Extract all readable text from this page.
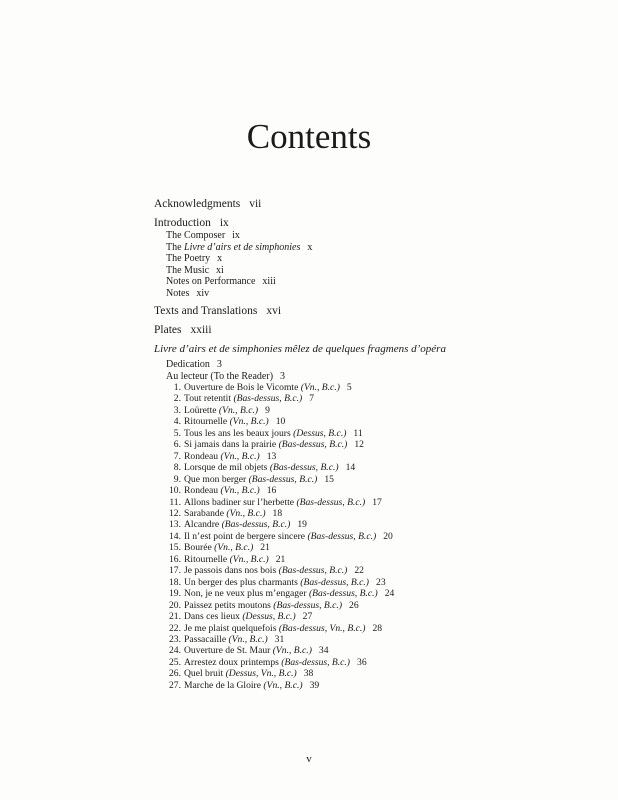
Contents
Acknowledgments vii
Introduction ix
The Composer ix
The Livre d’airs et de simphonies x
The Poetry x
The Music xi
Notes on Performance xiii
Notes xiv
Texts and Translations xvi
Plates xxiii
Livre d’airs et de simphonies mêlez de quelques fragmens d’opéra
Dedication 3
Au lecteur (To the Reader) 3
1. Ouverture de Bois le Vicomte (Vn., B.c.) 5
2. Tout retentit (Bas-dessus, B.c.) 7
3. Loürette (Vn., B.c.) 9
4. Ritournelle (Vn., B.c.) 10
5. Tous les ans les beaux jours (Dessus, B.c.) 11
6. Si jamais dans la prairie (Bas-dessus, B.c.) 12
7. Rondeau (Vn., B.c.) 13
8. Lorsque de mil objets (Bas-dessus, B.c.) 14
9. Que mon berger (Bas-dessus, B.c.) 15
10. Rondeau (Vn., B.c.) 16
11. Allons badiner sur l’herbette (Bas-dessus, B.c.) 17
12. Sarabande (Vn., B.c.) 18
13. Alcandre (Bas-dessus, B.c.) 19
14. Il n’est point de bergere sincere (Bas-dessus, B.c.) 20
15. Bourée (Vn., B.c.) 21
16. Ritournelle (Vn., B.c.) 21
17. Je passois dans nos bois (Bas-dessus, B.c.) 22
18. Un berger des plus charmants (Bas-dessus, B.c.) 23
19. Non, je ne veux plus m’engager (Bas-dessus, B.c.) 24
20. Paissez petits moutons (Bas-dessus, B.c.) 26
21. Dans ces lieux (Dessus, B.c.) 27
22. Je me plaist quelquefois (Bas-dessus, Vn., B.c.) 28
23. Passacaille (Vn., B.c.) 31
24. Ouverture de St. Maur (Vn., B.c.) 34
25. Arrestez doux printemps (Bas-dessus, B.c.) 36
26. Quel bruit (Dessus, Vn., B.c.) 38
27. Marche de la Gloire (Vn., B.c.) 39
v
